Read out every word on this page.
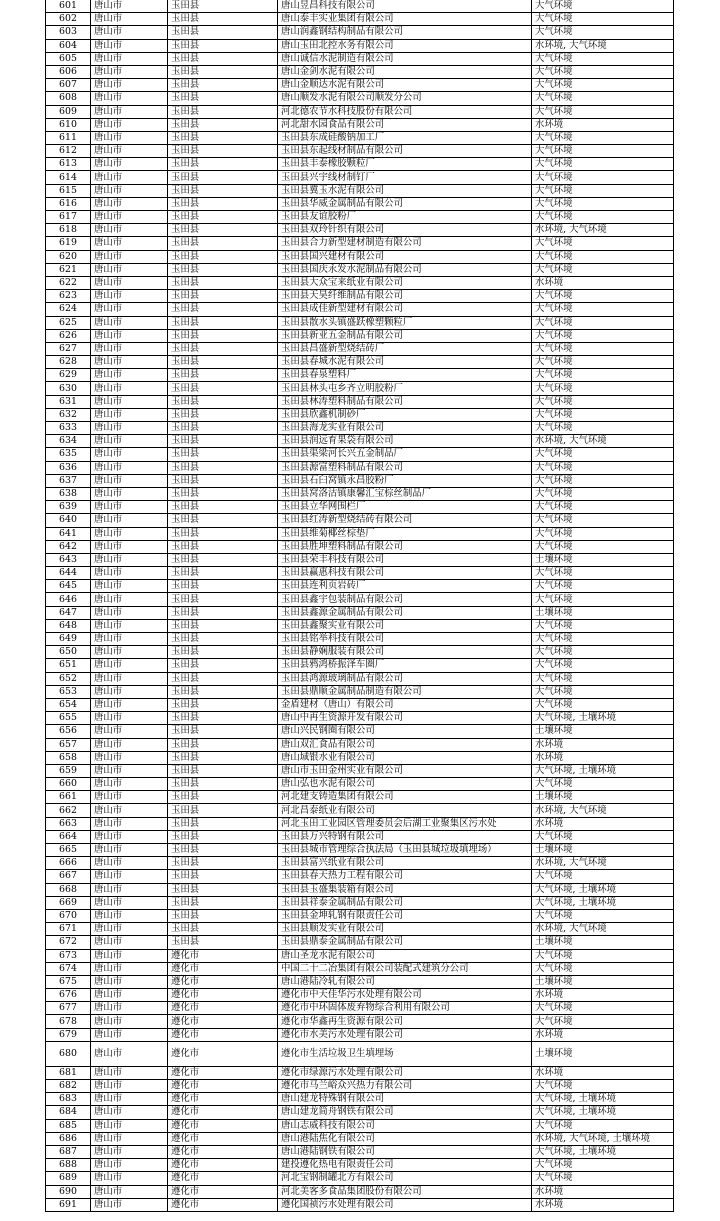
601	唐山市	玉田县	唐山昱昌科技有限公司	大气环境
602	唐山市	玉田县	唐山泰丰实业集团有限公司	大气环境
603	唐山市	玉田县	唐山润鑫钢结构制品有限公司	大气环境
604	唐山市	玉田县	唐山玉田北控水务有限公司	水环境, 大气环境
605	唐山市	玉田县	唐山诚信水泥制造有限公司	大气环境
606	唐山市	玉田县	唐山金剑水泥有限公司	大气环境
607	唐山市	玉田县	唐山金顺达水泥有限公司	大气环境
608	唐山市	玉田县	唐山顺发水泥有限公司顺发分公司	大气环境
609	唐山市	玉田县	河北德农节水科技股份有限公司	大气环境
610	唐山市	玉田县	河北甜水园食品有限公司	水环境
611	唐山市	玉田县	玉田县东成硅酸钠加工厂	大气环境
612	唐山市	玉田县	玉田县东起线材制品有限公司	大气环境
613	唐山市	玉田县	玉田县丰泰橡胶颗粒厂	大气环境
614	唐山市	玉田县	玉田县兴宇线材制钉厂	大气环境
615	唐山市	玉田县	玉田县冀玉水泥有限公司	大气环境
616	唐山市	玉田县	玉田县华威金属制品有限公司	大气环境
617	唐山市	玉田县	玉田县友谊胶粉厂	大气环境
618	唐山市	玉田县	玉田县双玲针织有限公司	水环境, 大气环境
619	唐山市	玉田县	玉田县合力新型建材制造有限公司	大气环境
620	唐山市	玉田县	玉田县国兴建材有限公司	大气环境
621	唐山市	玉田县	玉田县国庆永发水泥制品有限公司	大气环境
622	唐山市	玉田县	玉田县大众宝来纸业有限公司	水环境
623	唐山市	玉田县	玉田县天昊纤维制品有限公司	大气环境
624	唐山市	玉田县	玉田县成佳新型建材有限公司	大气环境
625	唐山市	玉田县	玉田县散水头镇盛跃橡塑颗粒厂	大气环境
626	唐山市	玉田县	玉田县新亚五金制品有限公司	大气环境
627	唐山市	玉田县	玉田县昌盛新型烧结砖厂	大气环境
628	唐山市	玉田县	玉田县春城水泥有限公司	大气环境
629	唐山市	玉田县	玉田县春泉塑料厂	大气环境
630	唐山市	玉田县	玉田县林头屯乡齐立明胶粉厂	大气环境
631	唐山市	玉田县	玉田县林涛塑料制品有限公司	大气环境
632	唐山市	玉田县	玉田县欣鑫机制砂厂	大气环境
633	唐山市	玉田县	玉田县海龙实业有限公司	大气环境
634	唐山市	玉田县	玉田县润远育果袋有限公司	水环境, 大气环境
635	唐山市	玉田县	玉田县渠梁河长兴五金制品厂	大气环境
636	唐山市	玉田县	玉田县源富塑料制品有限公司	大气环境
637	唐山市	玉田县	玉田县石臼窝镇永昌胶粉厂	大气环境
638	唐山市	玉田县	玉田县窝洛沽镇康馨汇宝棕丝制品厂	大气环境
639	唐山市	玉田县	玉田县立华网围栏厂	大气环境
640	唐山市	玉田县	玉田县红涛新型烧结砖有限公司	大气环境
641	唐山市	玉田县	玉田县维菊椰丝棕垫厂	大气环境
642	唐山市	玉田县	玉田县胜坤塑料制品有限公司	大气环境
643	唐山市	玉田县	玉田县荣丰科技有限公司	土壤环境
644	唐山市	玉田县	玉田县赢惠科技有限公司	大气环境
645	唐山市	玉田县	玉田县连利页岩砖厂	大气环境
646	唐山市	玉田县	玉田县鑫宇包装制品有限公司	大气环境
647	唐山市	玉田县	玉田县鑫源金属制品有限公司	土壤环境
648	唐山市	玉田县	玉田县鑫聚实业有限公司	大气环境
649	唐山市	玉田县	玉田县铭举科技有限公司	大气环境
650	唐山市	玉田县	玉田县静娴服装有限公司	大气环境
651	唐山市	玉田县	玉田县鸦鸿桥振泽车圈厂	大气环境
652	唐山市	玉田县	玉田县鸿源玻璃制品有限公司	大气环境
653	唐山市	玉田县	玉田县鼎顺金属制品制造有限公司	大气环境
654	唐山市	玉田县	金盾建材（唐山）有限公司	大气环境
655	唐山市	玉田县	唐山中再生资源开发有限公司	大气环境, 土壤环境
656	唐山市	玉田县	唐山兴民钢圈有限公司	土壤环境
657	唐山市	玉田县	唐山双汇食品有限公司	水环境
658	唐山市	玉田县	唐山域银水业有限公司	水环境
659	唐山市	玉田县	唐山市玉田金州实业有限公司	大气环境, 土壤环境
660	唐山市	玉田县	唐山弘也水泥有限公司	大气环境
661	唐山市	玉田县	河北建支铸造集团有限公司	土壤环境
662	唐山市	玉田县	河北昌泰纸业有限公司	水环境, 大气环境
663	唐山市	玉田县	河北玉田工业园区管理委员会后湖工业聚集区污水处	水环境
664	唐山市	玉田县	玉田县万兴特钢有限公司	大气环境
665	唐山市	玉田县	玉田县城市管理综合执法局（玉田县城垃圾填埋场）	土壤环境
666	唐山市	玉田县	玉田县富兴纸业有限公司	水环境, 大气环境
667	唐山市	玉田县	玉田县春天热力工程有限公司	大气环境
668	唐山市	玉田县	玉田县玉盛集装箱有限公司	大气环境, 土壤环境
669	唐山市	玉田县	玉田县祥泰金属制品有限公司	大气环境, 土壤环境
670	唐山市	玉田县	玉田县金坤轧钢有限责任公司	大气环境
671	唐山市	玉田县	玉田县顺发实业有限公司	水环境, 大气环境
672	唐山市	玉田县	玉田县鼎泰金属制品有限公司	土壤环境
673	唐山市	遵化市	唐山圣龙水泥有限公司	大气环境
674	唐山市	遵化市	中国二十二冶集团有限公司装配式建筑分公司	大气环境
675	唐山市	遵化市	唐山港陆冷轧有限公司	土壤环境
676	唐山市	遵化市	遵化市中天佳华污水处理有限公司	水环境
677	唐山市	遵化市	遵化市中环固体废弃物综合利用有限公司	大气环境
678	唐山市	遵化市	遵化市华鑫再生资源有限公司	大气环境
679	唐山市	遵化市	遵化市水美污水处理有限公司	水环境
680	唐山市	遵化市	遵化市生活垃圾卫生填埋场	土壤环境
681	唐山市	遵化市	遵化市绿源污水处理有限公司	水环境
682	唐山市	遵化市	遵化市马兰峪众兴热力有限公司	大气环境
683	唐山市	遵化市	唐山建龙特殊钢有限公司	大气环境, 土壤环境
684	唐山市	遵化市	唐山建龙简舟钢铁有限公司	大气环境, 土壤环境
685	唐山市	遵化市	唐山志威科技有限公司	大气环境
686	唐山市	遵化市	唐山港陆焦化有限公司	水环境, 大气环境, 土壤环境
687	唐山市	遵化市	唐山港陆钢铁有限公司	大气环境, 土壤环境
688	唐山市	遵化市	建投遵化热电有限责任公司	大气环境
689	唐山市	遵化市	河北宝钢制罐北方有限公司	大气环境
690	唐山市	遵化市	河北美客多食品集团股份有限公司	水环境
691	唐山市	遵化市	遵化国祯污水处理有限公司	水环境
